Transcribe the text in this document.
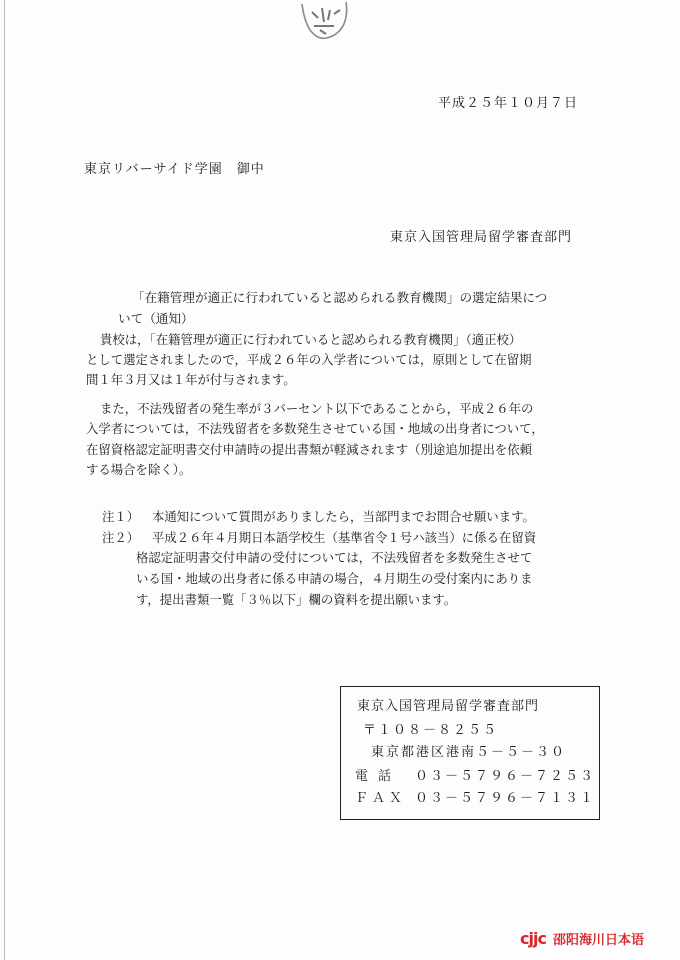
平成２５年１０月７日
東京リバーサイド学園　御中
東京入国管理局留学審査部門
「在籍管理が適正に行われていると認められる教育機関」の選定結果につ
いて（通知）
貴校は，「在籍管理が適正に行われていると認められる教育機関」（適正校）
として選定されましたので，平成２６年の入学者については，原則として在留期
間１年３月又は１年が付与されます。
また，不法残留者の発生率が３パーセント以下であることから，平成２６年の
入学者については，不法残留者を多数発生させている国・地域の出身者について，
在留資格認定証明書交付申請時の提出書類が軽減されます（別途追加提出を依頼
する場合を除く）。
注１） 本通知について質問がありましたら，当部門までお問合せ願います。
注２） 平成２６年４月期日本語学校生（基準省令１号ハ該当）に係る在留資
格認定証明書交付申請の受付については，不法残留者を多数発生させて
いる国・地域の出身者に係る申請の場合，４月期生の受付案内にありま
す，提出書類一覧「３％以下」欄の資料を提出願います。
東京入国管理局留学審査部門
〒１０８－８２５５
東京都港区港南５－５－３０
電話 ０３－５７９６－７２５３
ＦＡＸ ０３－５７９６－７１３１
cjjc 邵阳海川日本语
